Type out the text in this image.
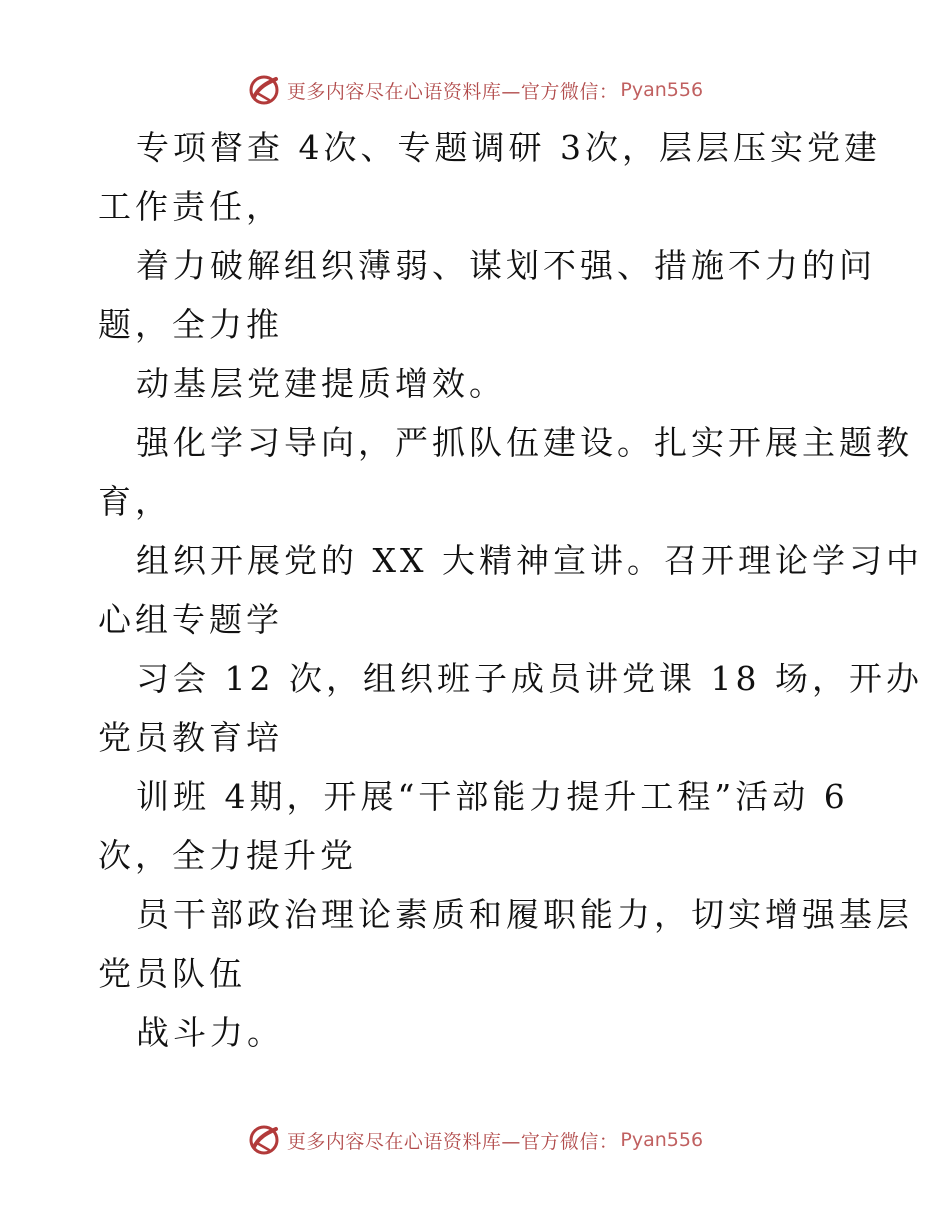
更多内容尽在心语资料库—官方微信： Pyan556
专项督查 4次、专题调研 3次，层层压实党建
工作责任，
着力破解组织薄弱、谋划不强、措施不力的问
题，全力推
动基层党建提质增效。
强化学习导向，严抓队伍建设。扎实开展主题教
育，
组织开展党的 XX 大精神宣讲。召开理论学习中
心组专题学
习会 12 次，组织班子成员讲党课 18 场，开办
党员教育培
训班 4期，开展“干部能力提升工程”活动 6
次，全力提升党
员干部政治理论素质和履职能力，切实增强基层
党员队伍
战斗力。
更多内容尽在心语资料库—官方微信： Pyan556
